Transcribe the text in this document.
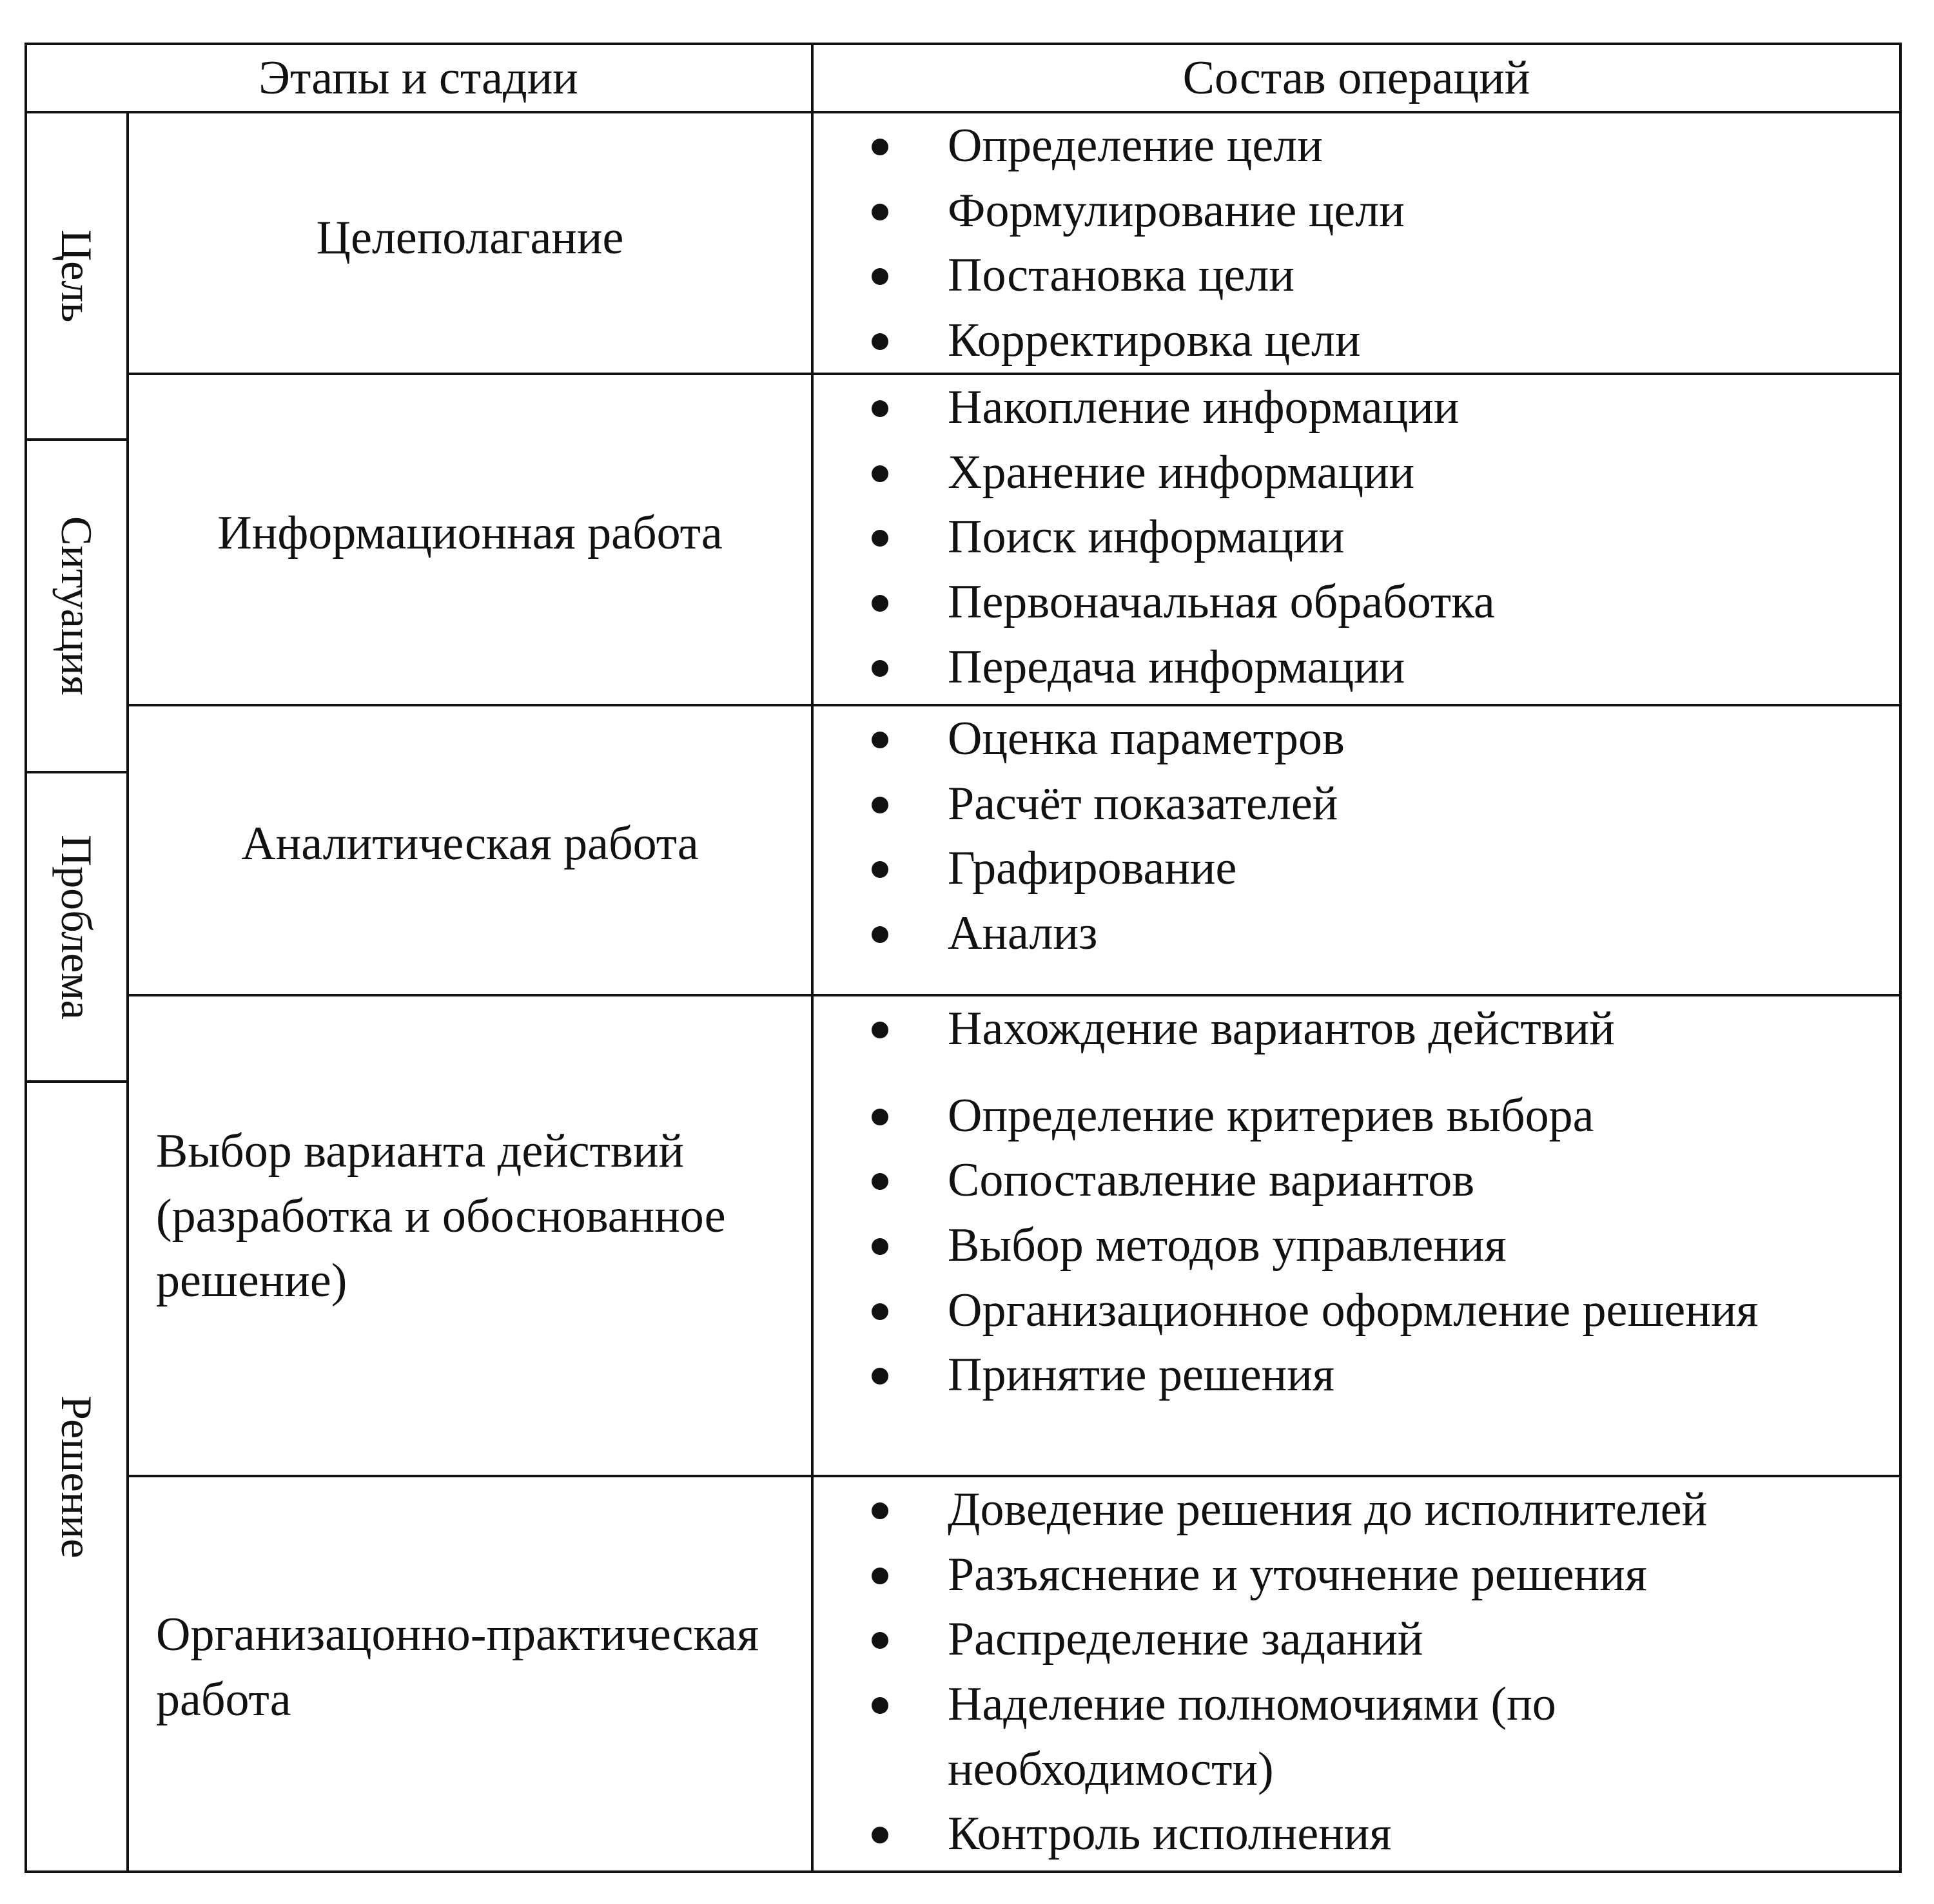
Этапы и стадии	Состав операций
Цель
Ситуация
Проблема
Решение
Целеполагание
Определение цели
Формулирование цели
Постановка цели
Корректировка цели
Информационная работа
Накопление информации
Хранение информации
Поиск информации
Первоначальная обработка
Передача информации
Аналитическая работа
Оценка параметров
Расчёт показателей
Графирование
Анализ
Выбор варианта действий (разработка и обоснованное решение)
Нахождение вариантов действий
Определение критериев выбора
Сопоставление вариантов
Выбор методов управления
Организационное оформление решения
Принятие решения
Организацонно-практическая работа
Доведение решения до исполнителей
Разъяснение и уточнение решения
Распределение заданий
Наделение полномочиями (по необходимости)
Контроль исполнения
